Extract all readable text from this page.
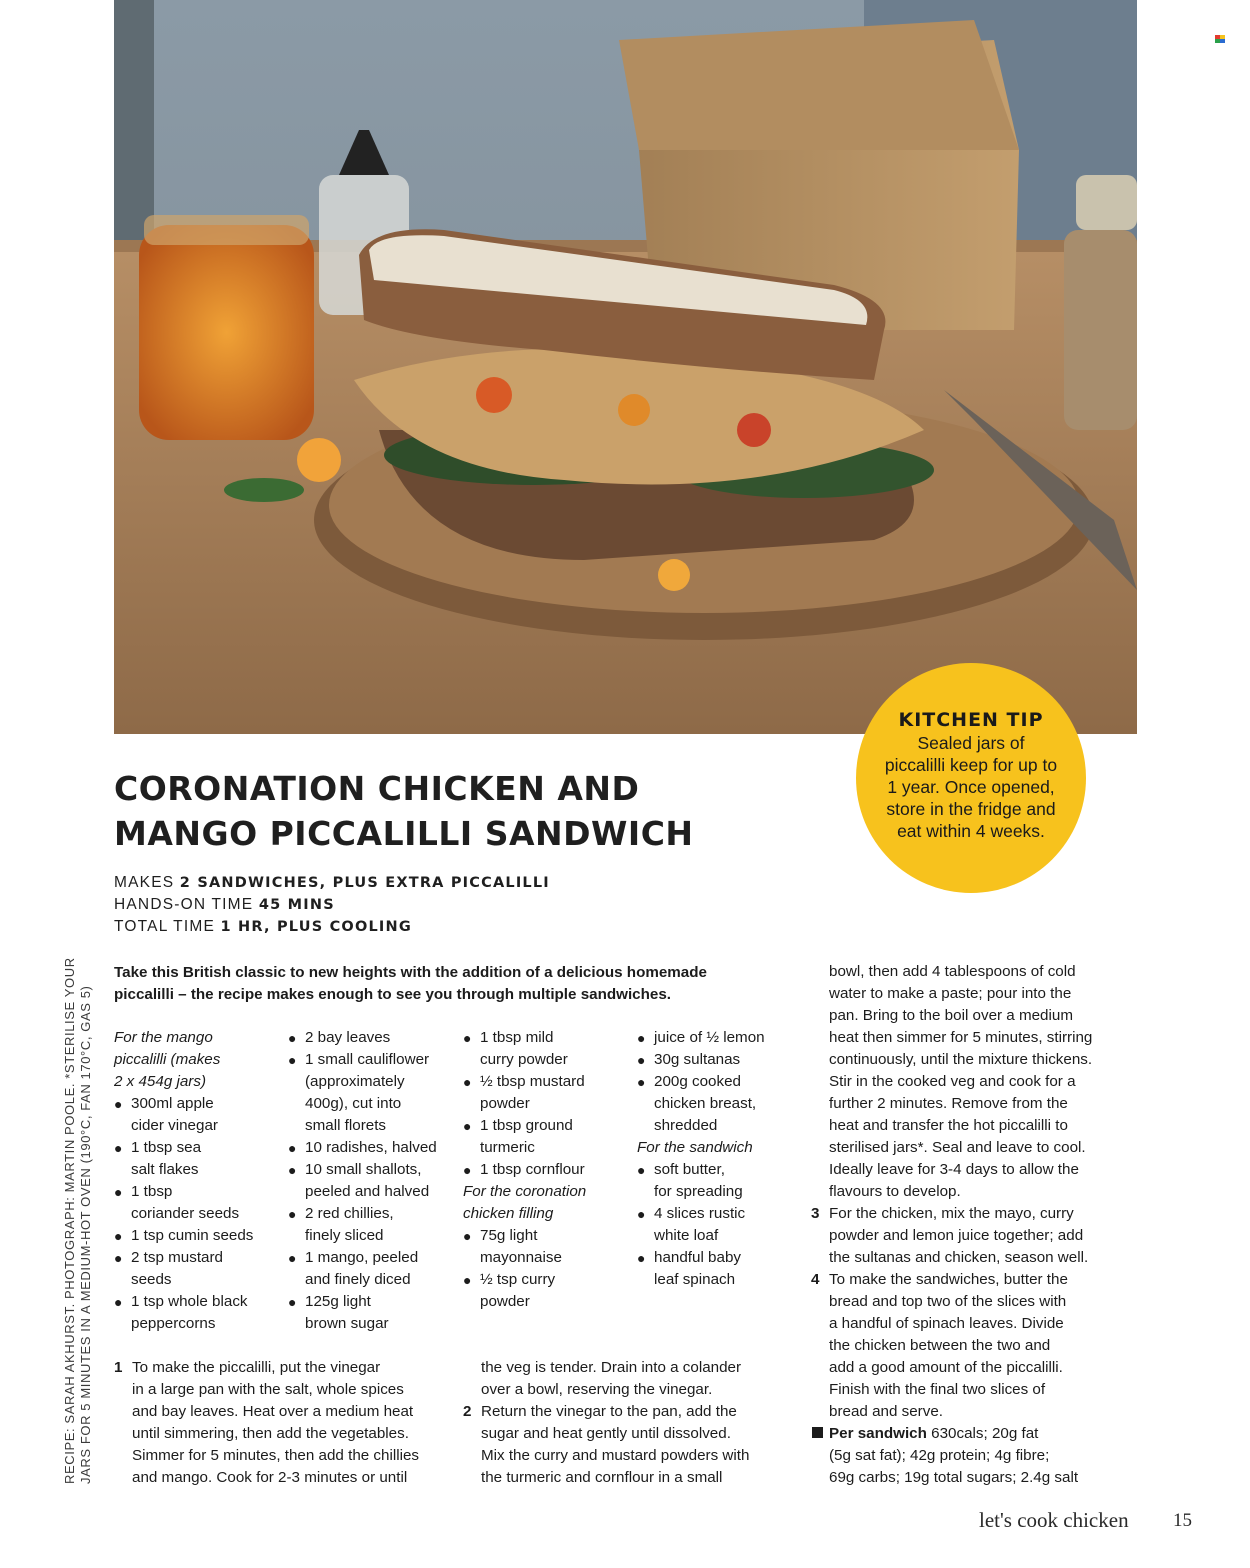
KITCHEN TIP
Sealed jars of
piccalilli keep for up to
1 year. Once opened,
store in the fridge and
eat within 4 weeks.
CORONATION CHICKEN AND
MANGO PICCALILLI SANDWICH
MAKES 2 SANDWICHES, PLUS EXTRA PICCALILLI
HANDS-ON TIME 45 MINS
TOTAL TIME 1 HR, PLUS COOLING
Take this British classic to new heights with the addition of a delicious homemade
piccalilli – the recipe makes enough to see you through multiple sandwiches.
For the mango
piccalilli (makes
2 x 454g jars)
● 300ml apple
cider vinegar
● 1 tbsp sea
salt flakes
● 1 tbsp
coriander seeds
● 1 tsp cumin seeds
● 2 tsp mustard
seeds
● 1 tsp whole black
peppercorns
● 2 bay leaves
● 1 small cauliflower
(approximately
400g), cut into
small florets
● 10 radishes, halved
● 10 small shallots,
peeled and halved
● 2 red chillies,
finely sliced
● 1 mango, peeled
and finely diced
● 125g light
brown sugar
● 1 tbsp mild
curry powder
● ½ tbsp mustard
powder
● 1 tbsp ground
turmeric
● 1 tbsp cornflour
For the coronation
chicken filling
● 75g light
mayonnaise
● ½ tsp curry
powder
● juice of ½ lemon
● 30g sultanas
● 200g cooked
chicken breast,
shredded
For the sandwich
● soft butter,
for spreading
● 4 slices rustic
white loaf
● handful baby
leaf spinach
1 To make the piccalilli, put the vinegar
in a large pan with the salt, whole spices
and bay leaves. Heat over a medium heat
until simmering, then add the vegetables.
Simmer for 5 minutes, then add the chillies
and mango. Cook for 2-3 minutes or until
the veg is tender. Drain into a colander
over a bowl, reserving the vinegar.
2 Return the vinegar to the pan, add the
sugar and heat gently until dissolved.
Mix the curry and mustard powders with
the turmeric and cornflour in a small
bowl, then add 4 tablespoons of cold
water to make a paste; pour into the
pan. Bring to the boil over a medium
heat then simmer for 5 minutes, stirring
continuously, until the mixture thickens.
Stir in the cooked veg and cook for a
further 2 minutes. Remove from the
heat and transfer the hot piccalilli to
sterilised jars*. Seal and leave to cool.
Ideally leave for 3-4 days to allow the
flavours to develop.
3 For the chicken, mix the mayo, curry
powder and lemon juice together; add
the sultanas and chicken, season well.
4 To make the sandwiches, butter the
bread and top two of the slices with
a handful of spinach leaves. Divide
the chicken between the two and
add a good amount of the piccalilli.
Finish with the final two slices of
bread and serve.
Per sandwich 630cals; 20g fat
(5g sat fat); 42g protein; 4g fibre;
69g carbs; 19g total sugars; 2.4g salt
RECIPE: SARAH AKHURST. PHOTOGRAPH: MARTIN POOLE. *STERILISE YOUR JARS FOR 5 MINUTES IN A MEDIUM-HOT OVEN (190°C, FAN 170°C, GAS 5)
let's cook chicken 15
